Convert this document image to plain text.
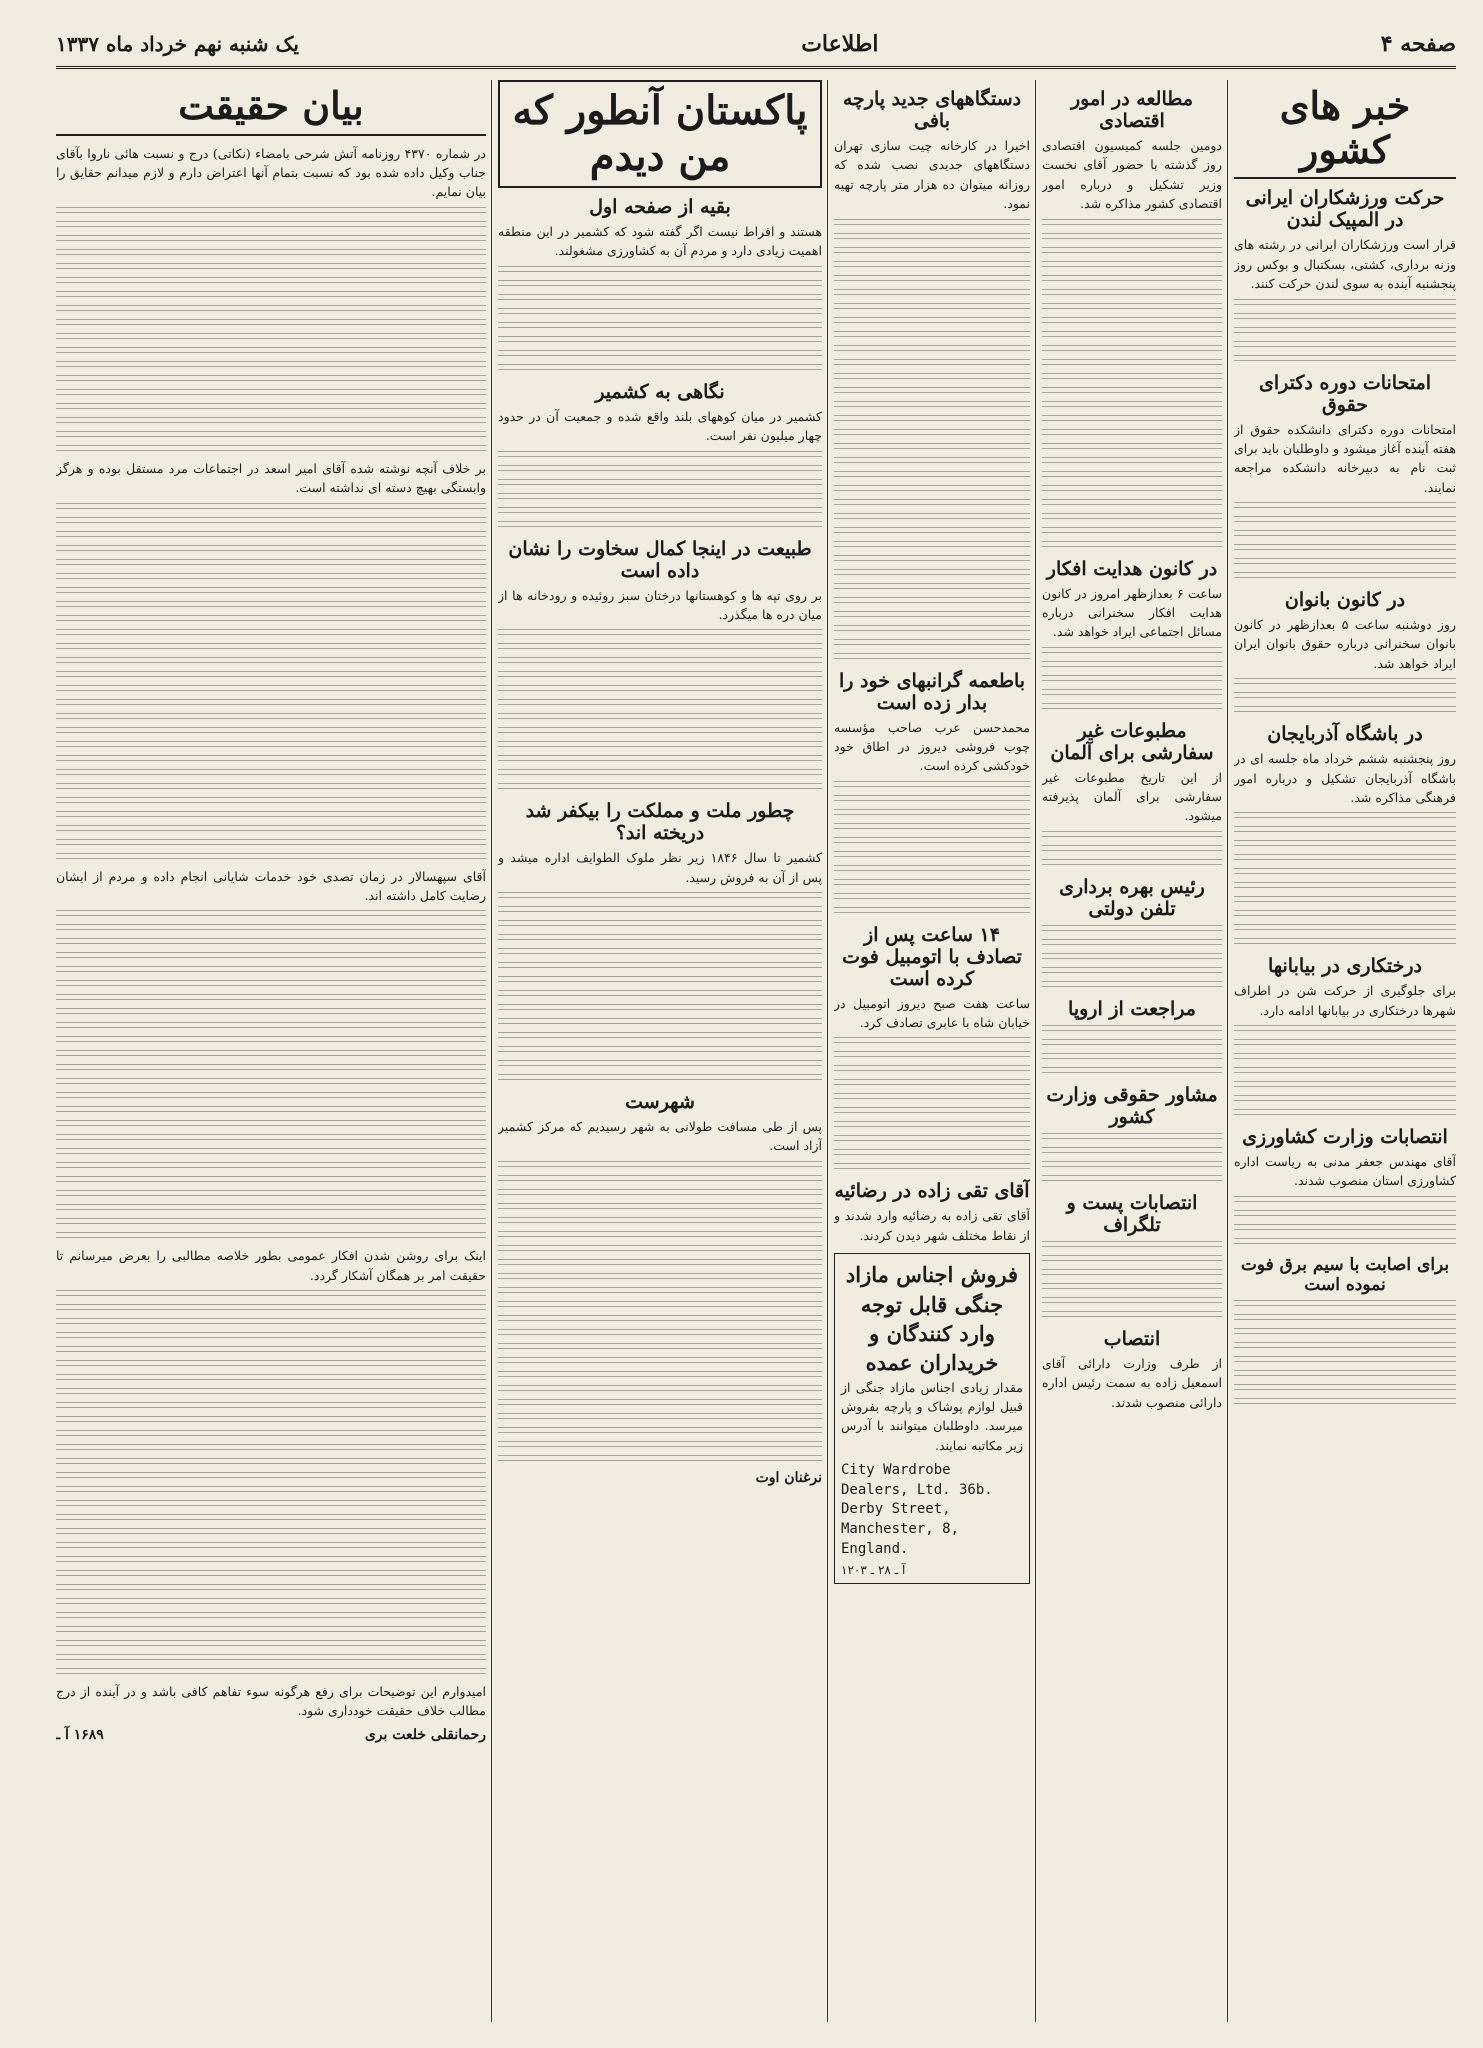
صفحه ۴
اطلاعات
یک شنبه نهم خرداد ماه ۱۳۳۷
خبر های کشور
حرکت ورزشکاران ایرانی در المپیک لندن

قرار است ورزشکاران ایرانی در رشته های وزنه برداری، کشتی، بسکتبال و بوکس روز پنجشنبه آینده به سوی لندن حرکت کنند.

امتحانات دوره دکترای حقوق

امتحانات دوره دکترای دانشکده حقوق از هفته آینده آغاز میشود و داوطلبان باید برای ثبت نام به دبیرخانه دانشکده مراجعه نمایند.

در کانون بانوان

روز دوشنبه ساعت ۵ بعدازظهر در کانون بانوان سخنرانی درباره حقوق بانوان ایران ایراد خواهد شد.

در باشگاه آذربایجان

روز پنجشنبه ششم خرداد ماه جلسه ای در باشگاه آذربایجان تشکیل و درباره امور فرهنگی مذاکره شد.

درختکاری در بیابانها

برای جلوگیری از حرکت شن در اطراف شهرها درختکاری در بیابانها ادامه دارد.

انتصابات وزارت کشاورزی

آقای مهندس جعفر مدنی به ریاست اداره کشاورزی استان منصوب شدند.

برای اصابت با سیم برق فوت نموده است
مطالعه در امور اقتصادی

دومین جلسه کمیسیون اقتصادی روز گذشته با حضور آقای نخست وزیر تشکیل و درباره امور اقتصادی کشور مذاکره شد.

در کانون هدایت افکار

ساعت ۶ بعدازظهر امروز در کانون هدایت افکار سخنرانی درباره مسائل اجتماعی ایراد خواهد شد.

مطبوعات غیر سفارشی برای آلمان

از این تاریخ مطبوعات غیر سفارشی برای آلمان پذیرفته میشود.

رئیس بهره برداری تلفن دولتی
مراجعت از اروپا
مشاور حقوقی وزارت کشور
انتصابات پست و تلگراف
انتصاب

از طرف وزارت دارائی آقای اسمعیل زاده به سمت رئیس اداره دارائی منصوب شدند.

دستگاههای جدید پارچه بافی

اخیرا در کارخانه چیت سازی تهران دستگاههای جدیدی نصب شده که روزانه میتوان ده هزار متر پارچه تهیه نمود.

باطعمه گرانبهای خود را بدار زده است

محمدحسن عرب صاحب مؤسسه چوب فروشی دیروز در اطاق خود خودکشی کرده است.

۱۴ ساعت پس از تصادف با اتومبیل فوت کرده است

ساعت هفت صبح دیروز اتومبیل در خیابان شاه با عابری تصادف کرد.

آقای تقی زاده در رضائیه

آقای تقی زاده به رضائیه وارد شدند و از نقاط مختلف شهر دیدن کردند.

فروش اجناس مازاد جنگی قابل توجه وارد کنندگان و خریداران عمده

مقدار زیادی اجناس مازاد جنگی از قبیل لوازم پوشاک و پارچه بفروش میرسد. داوطلبان میتوانند با آدرس زیر مکاتبه نمایند.

City Wardrobe Dealers, Ltd. 36b. Derby Street, Manchester, 8, England.
۱۲۰۳ آ ـ ۲۸ ـ
پاکستان آنطور که من دیدم
بقیه از صفحه اول

هستند و افراط نیست اگر گفته شود که کشمیر در این منطقه اهمیت زیادی دارد و مردم آن به کشاورزی مشغولند.

نگاهی به کشمیر

کشمیر در میان کوههای بلند واقع شده و جمعیت آن در حدود چهار میلیون نفر است.

طبیعت در اینجا کمال سخاوت را نشان داده است

بر روی تپه ها و کوهستانها درختان سبز روئیده و رودخانه ها از میان دره ها میگذرد.

چطور ملت و مملکت را بیکفر شد دریخته اند؟

کشمیر تا سال ۱۸۴۶ زیر نظر ملوک الطوایف اداره میشد و پس از آن به فروش رسید.

شهرست

پس از طی مسافت طولانی به شهر رسیدیم که مرکز کشمیر آزاد است.

نرغنان اوت
بیان حقیقت

در شماره ۴۳۷۰ روزنامه آتش شرحی بامضاء (نکاتی) درج و نسبت هائی ناروا بآقای جناب وکیل داده شده بود که نسبت بتمام آنها اعتراض دارم و لازم میدانم حقایق را بیان نمایم.

بر خلاف آنچه نوشته شده آقای امیر اسعد در اجتماعات مرد مستقل بوده و هرگز وابستگی بهیچ دسته ای نداشته است.

آقای سپهسالار در زمان تصدی خود خدمات شایانی انجام داده و مردم از ایشان رضایت کامل داشته اند.

اینک برای روشن شدن افکار عمومی بطور خلاصه مطالبی را بعرض میرسانم تا حقیقت امر بر همگان آشکار گردد.

امیدوارم این توضیحات برای رفع هرگونه سوء تفاهم کافی باشد و در آینده از درج مطالب خلاف حقیقت خودداری شود.

رحمانقلی خلعت بری
۱۶۸۹ آ ـ
